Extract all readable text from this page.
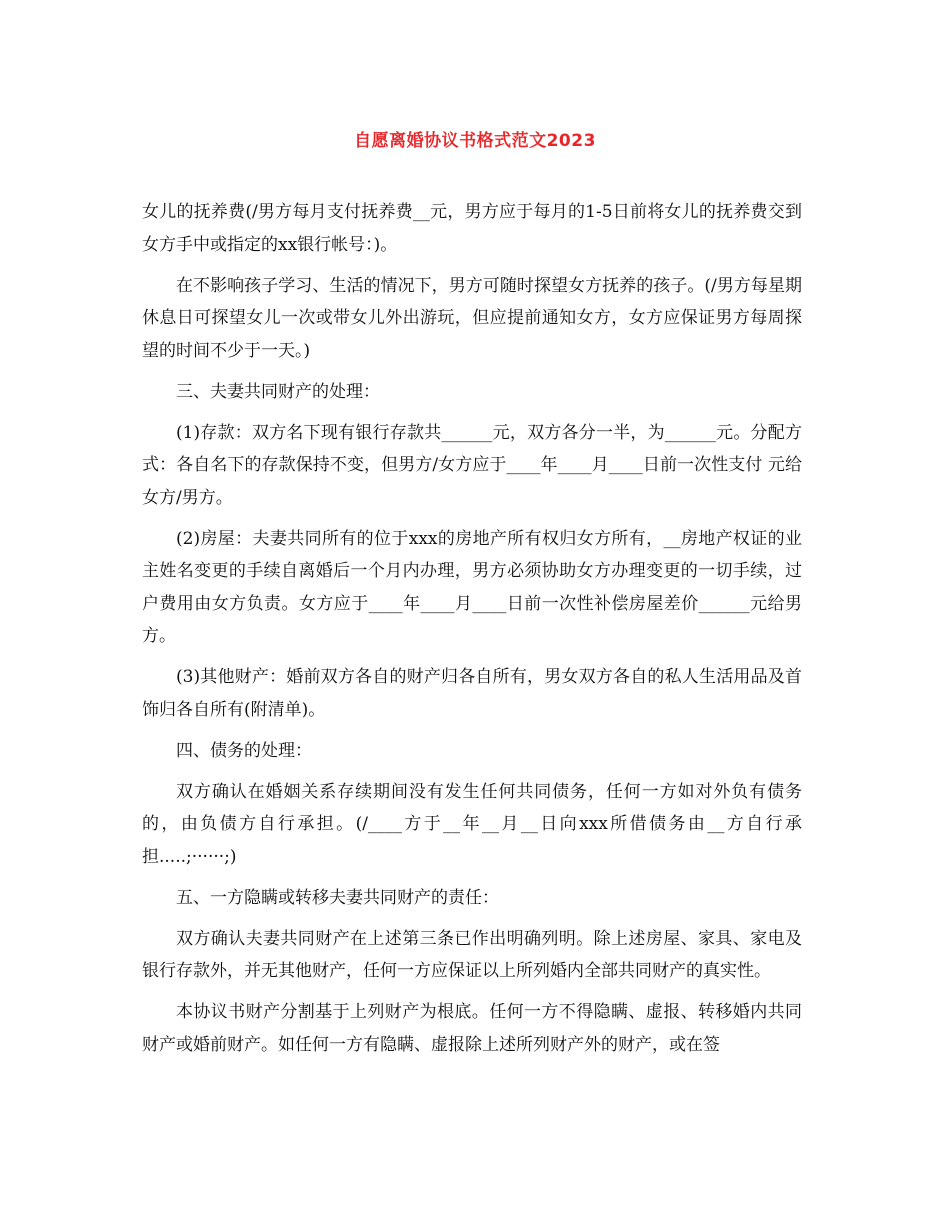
自愿离婚协议书格式范文2023

女儿的抚养费(/男方每月支付抚养费__元，男方应于每月的1-5日前将女儿的抚养费交到女方手中或指定的xx银行帐号：)。

在不影响孩子学习、生活的情况下，男方可随时探望女方抚养的孩子。(/男方每星期休息日可探望女儿一次或带女儿外出游玩，但应提前通知女方，女方应保证男方每周探望的时间不少于一天。)

三、夫妻共同财产的处理：

(1)存款：双方名下现有银行存款共______元，双方各分一半，为______元。分配方式：各自名下的存款保持不变，但男方/女方应于____年____月____日前一次性支付 元给女方/男方。

(2)房屋：夫妻共同所有的位于xxx的房地产所有权归女方所有，__房地产权证的业主姓名变更的手续自离婚后一个月内办理，男方必须协助女方办理变更的一切手续，过户费用由女方负责。女方应于____年____月____日前一次性补偿房屋差价______元给男方。

(3)其他财产：婚前双方各自的财产归各自所有，男女双方各自的私人生活用品及首饰归各自所有(附清单)。

四、债务的处理：

双方确认在婚姻关系存续期间没有发生任何共同债务，任何一方如对外负有债务的，由负债方自行承担。(/____方于__年__月__日向xxx所借债务由__方自行承担.....;······;)

五、一方隐瞒或转移夫妻共同财产的责任：

双方确认夫妻共同财产在上述第三条已作出明确列明。除上述房屋、家具、家电及银行存款外，并无其他财产，任何一方应保证以上所列婚内全部共同财产的真实性。

本协议书财产分割基于上列财产为根底。任何一方不得隐瞒、虚报、转移婚内共同财产或婚前财产。如任何一方有隐瞒、虚报除上述所列财产外的财产，或在签
